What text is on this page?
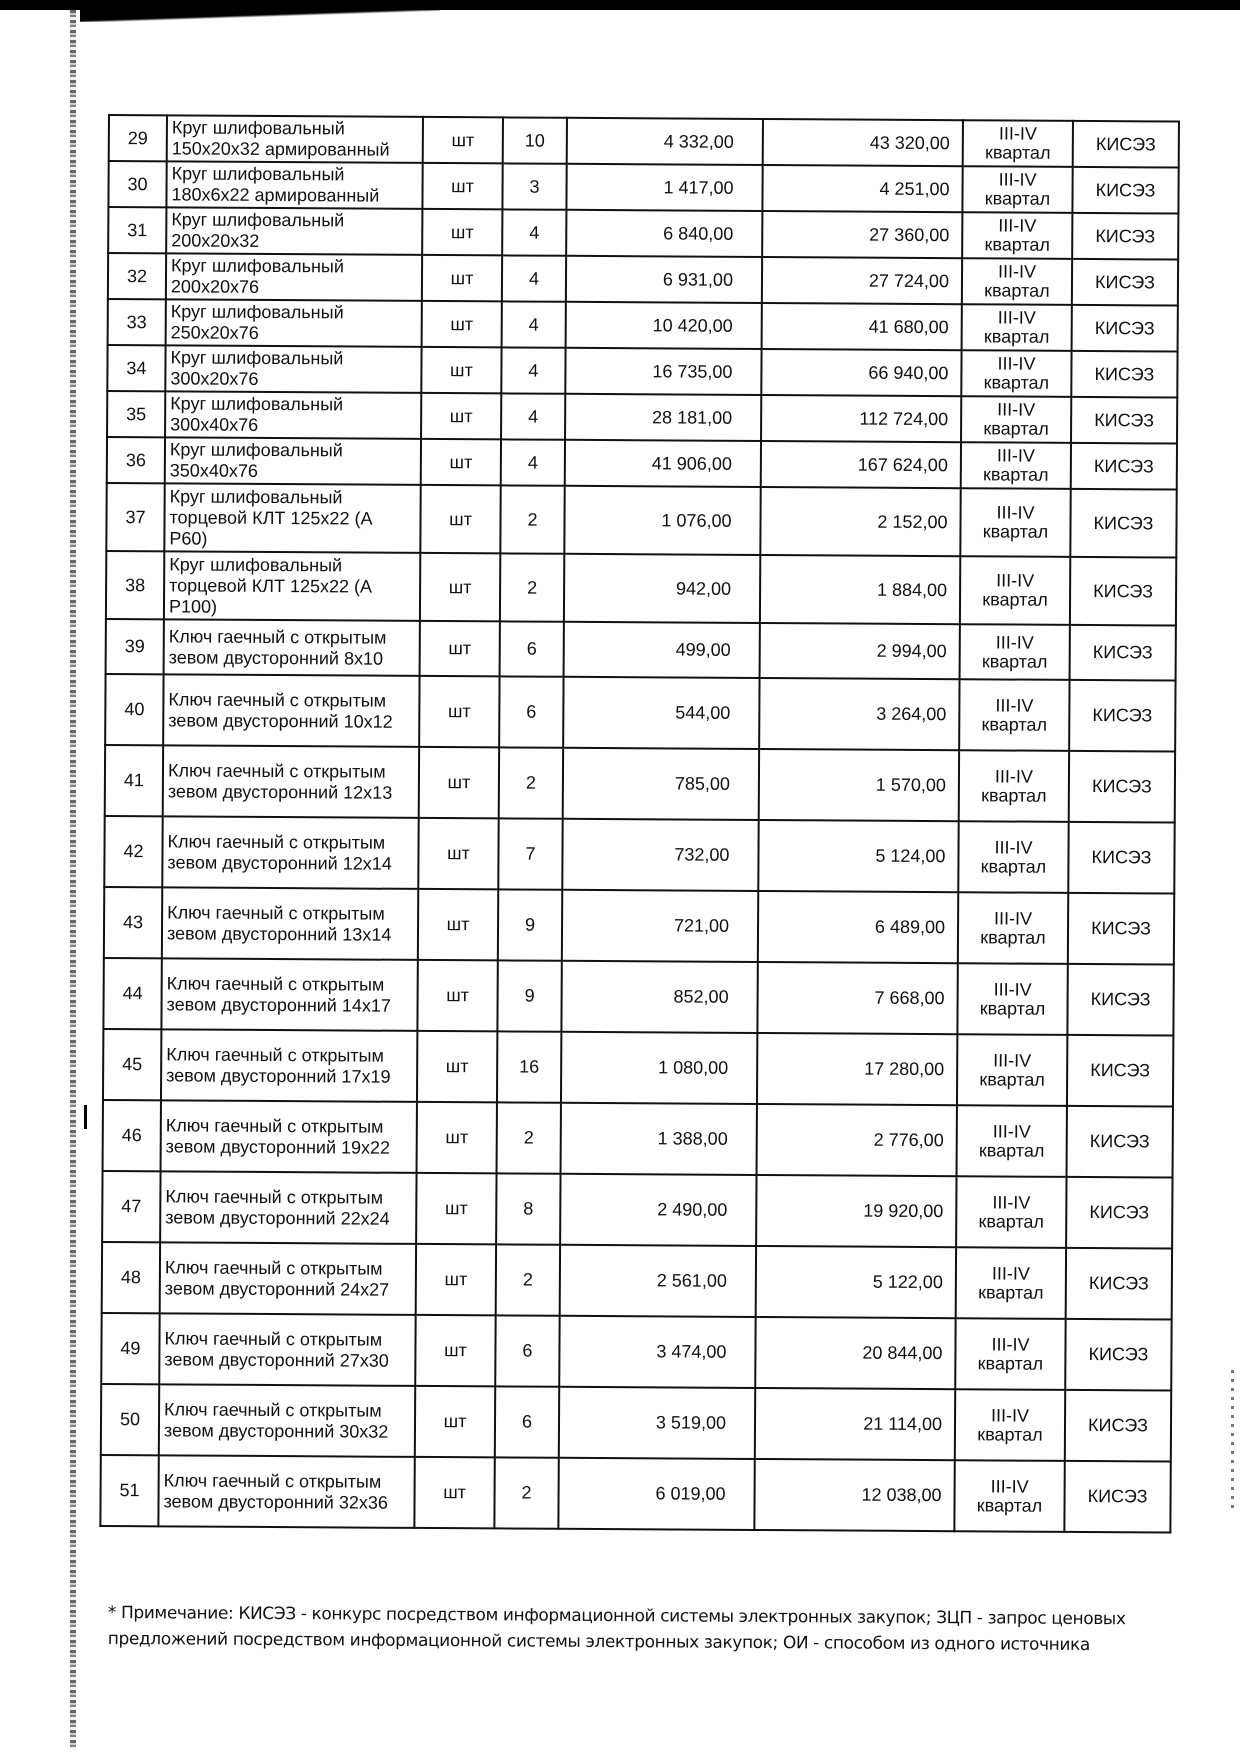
29	Круг шлифовальный 150х20х32 армированный	шт	10	4 332,00	43 320,00	III-IV квартал	КИСЭЗ
30	Круг шлифовальный 180х6х22 армированный	шт	3	1 417,00	4 251,00	III-IV квартал	КИСЭЗ
31	Круг шлифовальный 200х20х32	шт	4	6 840,00	27 360,00	III-IV квартал	КИСЭЗ
32	Круг шлифовальный 200х20х76	шт	4	6 931,00	27 724,00	III-IV квартал	КИСЭЗ
33	Круг шлифовальный 250х20х76	шт	4	10 420,00	41 680,00	III-IV квартал	КИСЭЗ
34	Круг шлифовальный 300х20х76	шт	4	16 735,00	66 940,00	III-IV квартал	КИСЭЗ
35	Круг шлифовальный 300х40х76	шт	4	28 181,00	112 724,00	III-IV квартал	КИСЭЗ
36	Круг шлифовальный 350х40х76	шт	4	41 906,00	167 624,00	III-IV квартал	КИСЭЗ
37	Круг шлифовальный торцевой КЛТ 125х22 (А Р60)	шт	2	1 076,00	2 152,00	III-IV квартал	КИСЭЗ
38	Круг шлифовальный торцевой КЛТ 125х22 (А Р100)	шт	2	942,00	1 884,00	III-IV квартал	КИСЭЗ
39	Ключ гаечный с открытым зевом двусторонний 8х10	шт	6	499,00	2 994,00	III-IV квартал	КИСЭЗ
40	Ключ гаечный с открытым зевом двусторонний 10х12	шт	6	544,00	3 264,00	III-IV квартал	КИСЭЗ
41	Ключ гаечный с открытым зевом двусторонний 12х13	шт	2	785,00	1 570,00	III-IV квартал	КИСЭЗ
42	Ключ гаечный с открытым зевом двусторонний 12х14	шт	7	732,00	5 124,00	III-IV квартал	КИСЭЗ
43	Ключ гаечный с открытым зевом двусторонний 13х14	шт	9	721,00	6 489,00	III-IV квартал	КИСЭЗ
44	Ключ гаечный с открытым зевом двусторонний 14х17	шт	9	852,00	7 668,00	III-IV квартал	КИСЭЗ
45	Ключ гаечный с открытым зевом двусторонний 17х19	шт	16	1 080,00	17 280,00	III-IV квартал	КИСЭЗ
46	Ключ гаечный с открытым зевом двусторонний 19х22	шт	2	1 388,00	2 776,00	III-IV квартал	КИСЭЗ
47	Ключ гаечный с открытым зевом двусторонний 22х24	шт	8	2 490,00	19 920,00	III-IV квартал	КИСЭЗ
48	Ключ гаечный с открытым зевом двусторонний 24х27	шт	2	2 561,00	5 122,00	III-IV квартал	КИСЭЗ
49	Ключ гаечный с открытым зевом двусторонний 27х30	шт	6	3 474,00	20 844,00	III-IV квартал	КИСЭЗ
50	Ключ гаечный с открытым зевом двусторонний 30х32	шт	6	3 519,00	21 114,00	III-IV квартал	КИСЭЗ
51	Ключ гаечный с открытым зевом двусторонний 32х36	шт	2	6 019,00	12 038,00	III-IV квартал	КИСЭЗ
* Примечание: КИСЭЗ - конкурс посредством информационной системы электронных закупок; ЗЦП - запрос ценовых предложений посредством информационной системы электронных закупок; ОИ - способом из одного источника
